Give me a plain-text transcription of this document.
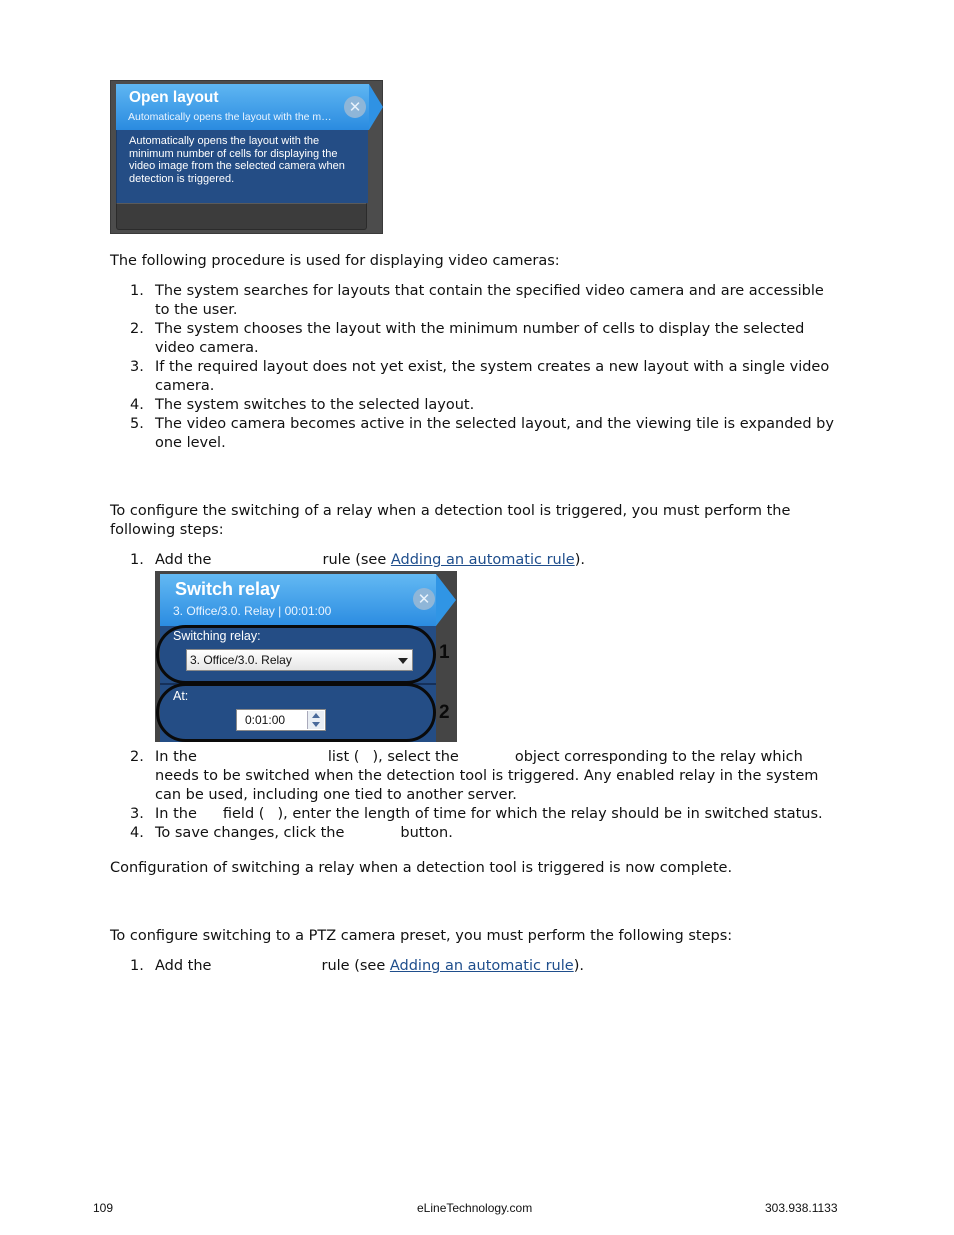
Open layout
Automatically opens the layout with the m…
✕
Automatically opens the layout with the minimum number of cells for displaying the video image from the selected camera when detection is triggered.

The following procedure is used for displaying video cameras:

1. The system searches for layouts that contain the specified video camera and are accessible to the user.
2. The system chooses the layout with the minimum number of cells to display the selected video camera.
3. If the required layout does not yet exist, the system creates a new layout with a single video camera.
4. The system switches to the selected layout.
5. The video camera becomes active in the selected layout, and the viewing tile is expanded by one level.

To configure the switching of a relay when a detection tool is triggered, you must perform the following steps:

1. Add the	rule (see Adding an automatic rule).
Switch relay
3. Office/3.0. Relay | 00:01:00
✕
Switching relay:
3. Office/3.0. Relay
At:
0:01:00
1
2
2. In the	list ( ), select the	object corresponding to the relay which needs to be switched when the detection tool is triggered. Any enabled relay in the system can be used, including one tied to another server.
3. In the field ( ), enter the length of time for which the relay should be in switched status.
4. To save changes, click the	button.

Configuration of switching a relay when a detection tool is triggered is now complete.

To configure switching to a PTZ camera preset, you must perform the following steps:

1. Add the	rule (see Adding an automatic rule).
109	eLineTechnology.com	303.938.1133
